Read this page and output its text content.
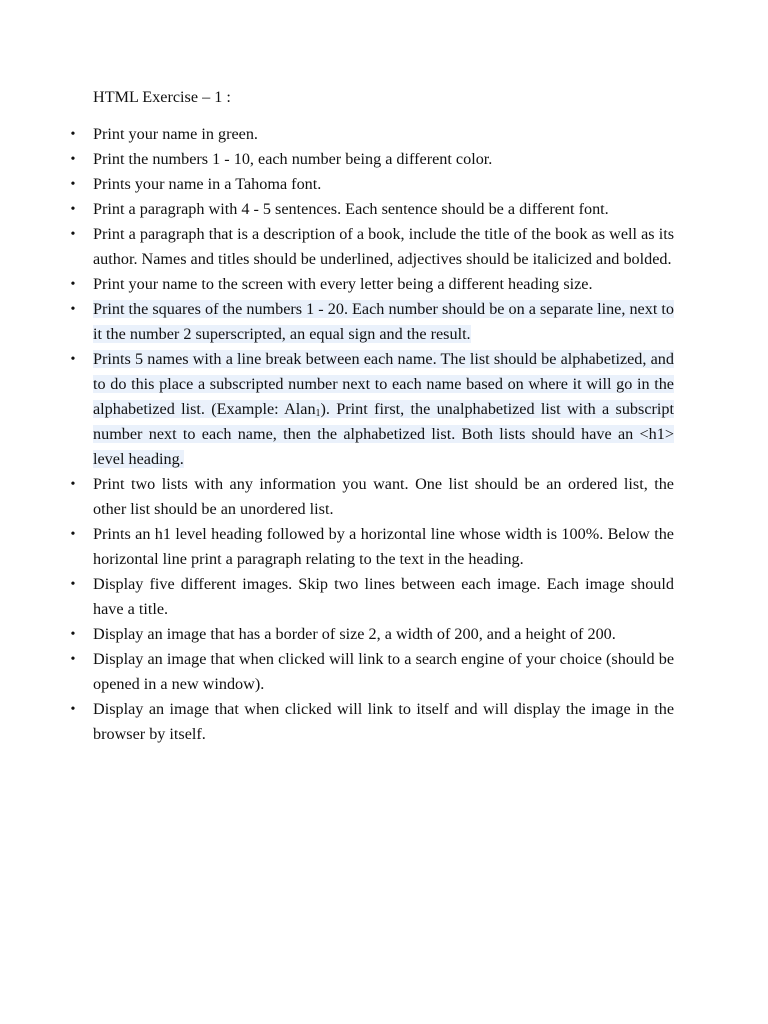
HTML Exercise – 1 :

• Print your name in green.
• Print the numbers 1 - 10, each number being a different color.
• Prints your name in a Tahoma font.
• Print a paragraph with 4 - 5 sentences. Each sentence should be a different font.
• Print a paragraph that is a description of a book, include the title of the book as well as its author. Names and titles should be underlined, adjectives should be italicized and bolded.
• Print your name to the screen with every letter being a different heading size.
• Print the squares of the numbers 1 - 20. Each number should be on a separate line, next to it the number 2 superscripted, an equal sign and the result.
• Prints 5 names with a line break between each name. The list should be alphabetized, and to do this place a subscripted number next to each name based on where it will go in the alphabetized list. (Example: Alan$_1$). Print first, the unalphabetized list with a subscript number next to each name, then the alphabetized list. Both lists should have an <h1> level heading.
• Print two lists with any information you want. One list should be an ordered list, the other list should be an unordered list.
• Prints an h1 level heading followed by a horizontal line whose width is 100%. Below the horizontal line print a paragraph relating to the text in the heading.
• Display five different images. Skip two lines between each image. Each image should have a title.
• Display an image that has a border of size 2, a width of 200, and a height of 200.
• Display an image that when clicked will link to a search engine of your choice (should be opened in a new window).
• Display an image that when clicked will link to itself and will display the image in the browser by itself.
